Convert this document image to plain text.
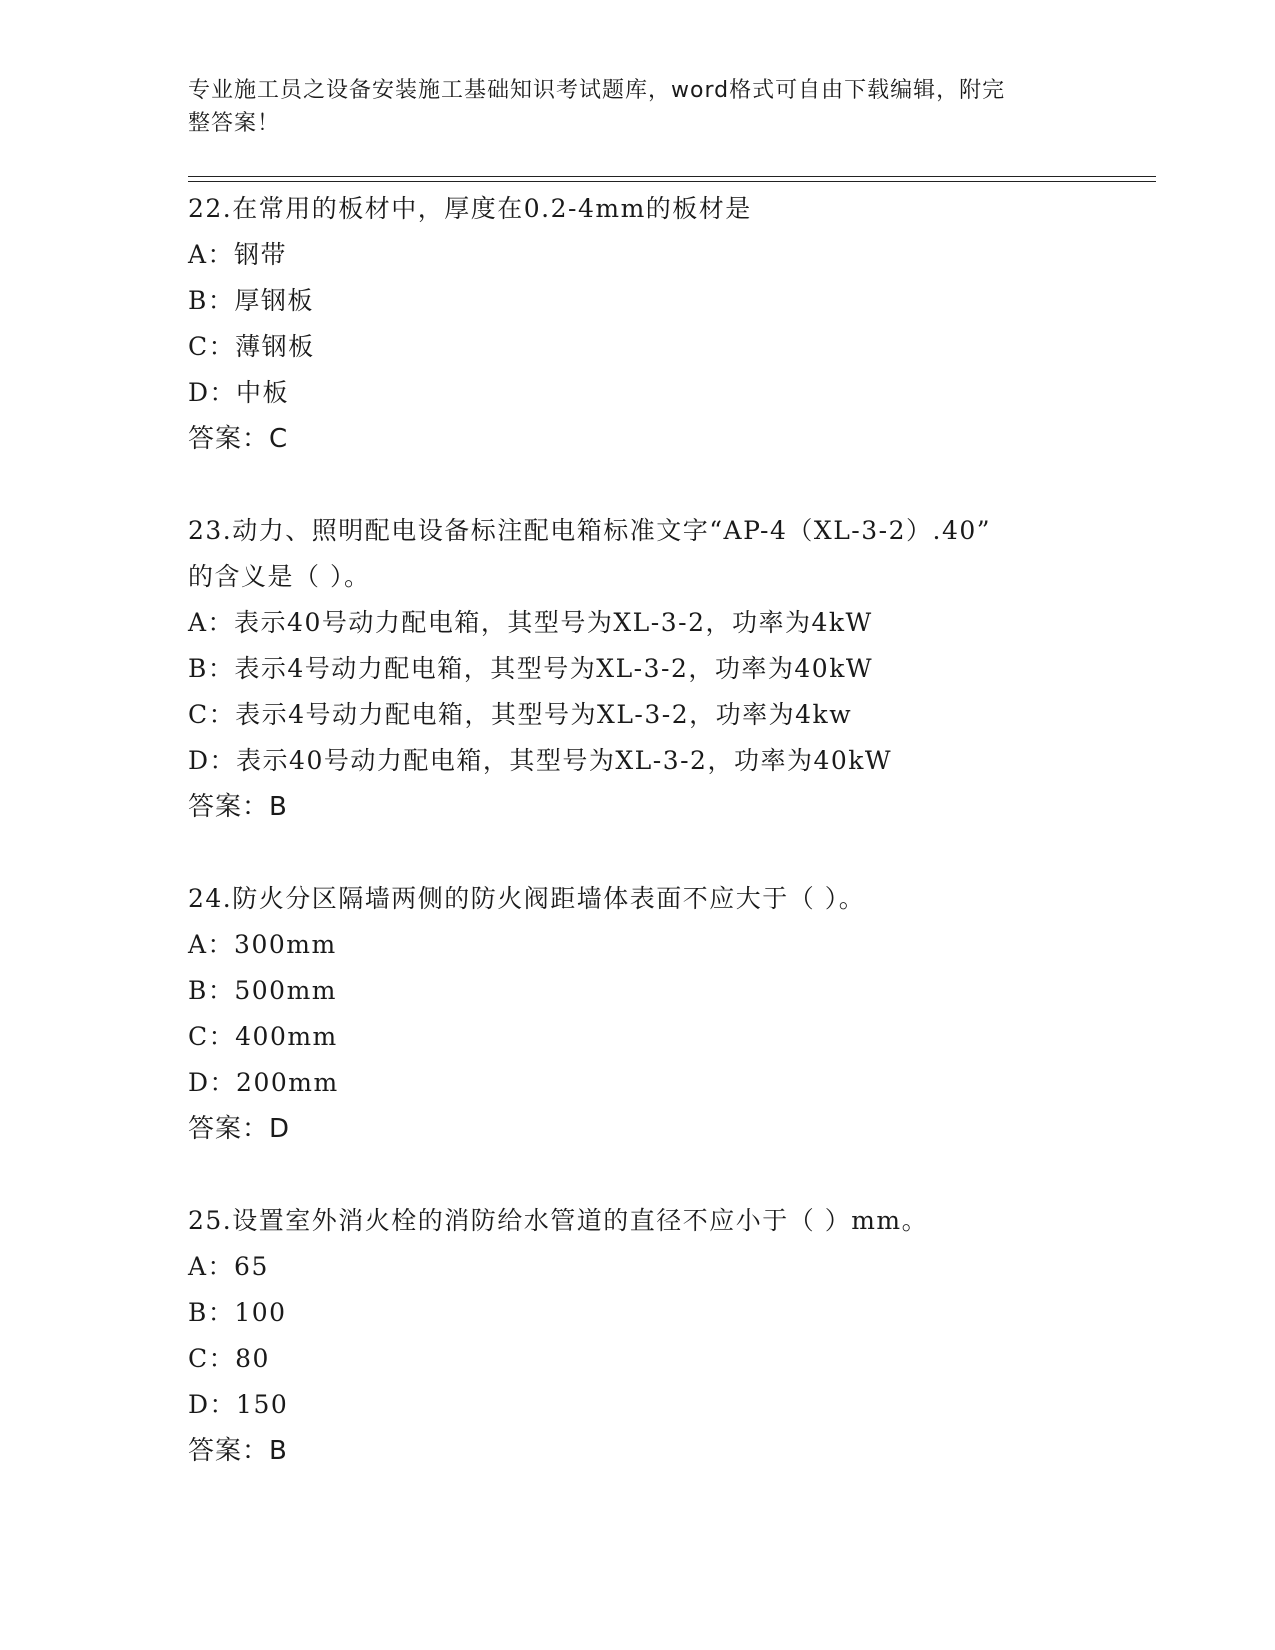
专业施工员之设备安装施工基础知识考试题库，word格式可自由下载编辑，附完
整答案！
22.在常用的板材中，厚度在0.2-4mm的板材是
A：钢带
B：厚钢板
C：薄钢板
D：中板
答案：C
23.动力、照明配电设备标注配电箱标准文字“AP-4（XL-3-2）.40”
的含义是（ ）。
A：表示40号动力配电箱，其型号为XL-3-2，功率为4kW
B：表示4号动力配电箱，其型号为XL-3-2，功率为40kW
C：表示4号动力配电箱，其型号为XL-3-2，功率为4kw
D：表示40号动力配电箱，其型号为XL-3-2，功率为40kW
答案：B
24.防火分区隔墙两侧的防火阀距墙体表面不应大于（ ）。
A：300mm
B：500mm
C：400mm
D：200mm
答案：D
25.设置室外消火栓的消防给水管道的直径不应小于（ ）mm。
A：65
B：100
C：80
D：150
答案：B
